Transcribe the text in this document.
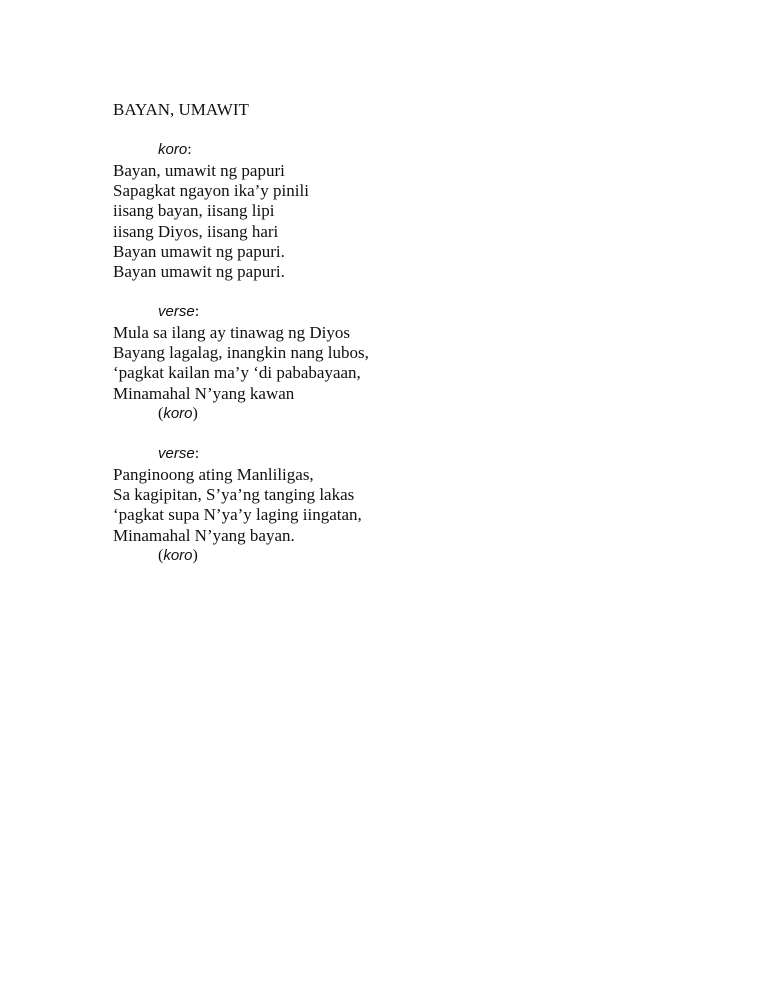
BAYAN, UMAWIT
koro:
Bayan, umawit ng papuri
Sapagkat ngayon ika’y pinili
iisang bayan, iisang lipi
iisang Diyos, iisang hari
Bayan umawit ng papuri.
Bayan umawit ng papuri.
verse:
Mula sa ilang ay tinawag ng Diyos
Bayang lagalag, inangkin nang lubos,
‘pagkat kailan ma’y ‘di pababayaan,
Minamahal N’yang kawan
(koro)
verse:
Panginoong ating Manliligas,
Sa kagipitan, S’ya’ng tanging lakas
‘pagkat supa N’ya’y laging iingatan,
Minamahal N’yang bayan.
(koro)
